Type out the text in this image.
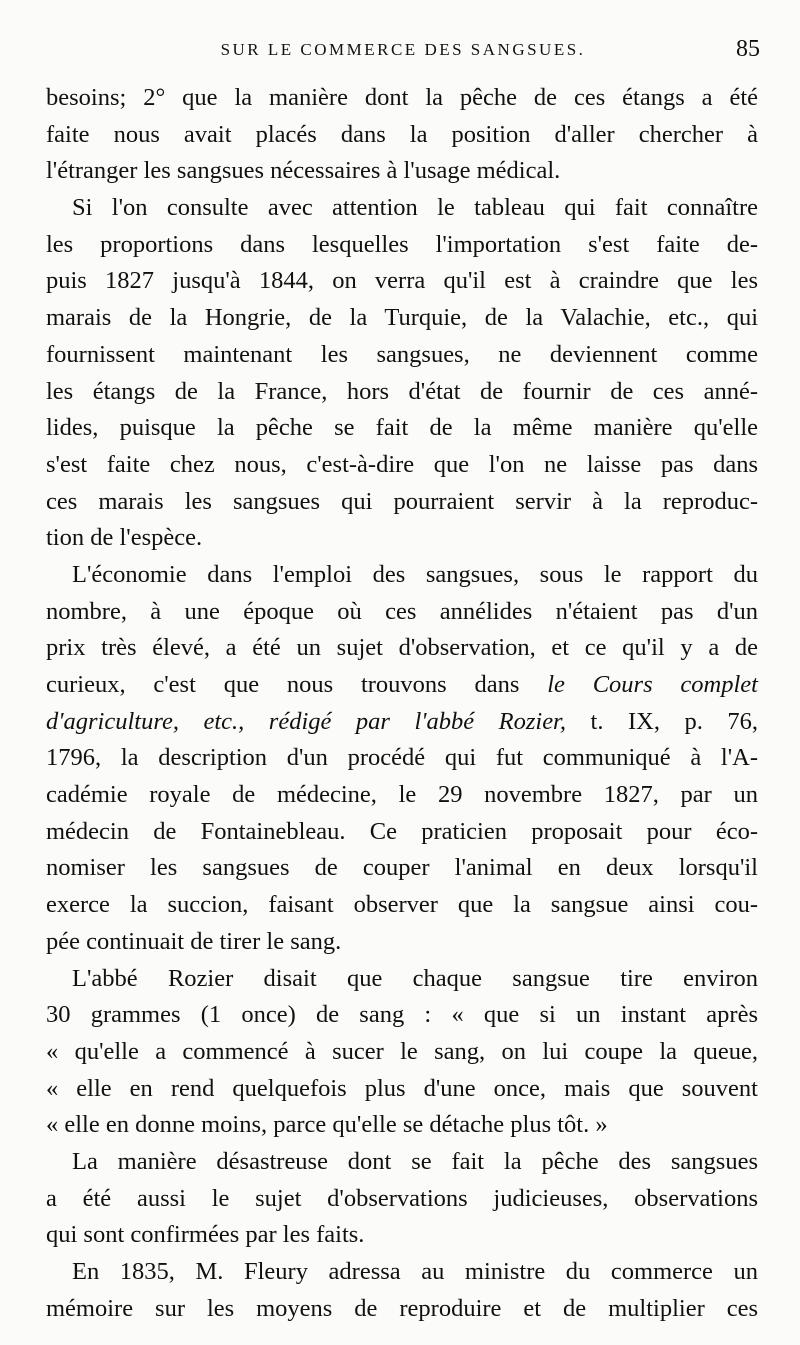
SUR LE COMMERCE DES SANGSUES.	85
besoins; 2° que la manière dont la pêche de ces étangs a été
faite nous avait placés dans la position d'aller chercher à
l'étranger les sangsues nécessaires à l'usage médical.
Si l'on consulte avec attention le tableau qui fait connaître
les proportions dans lesquelles l'importation s'est faite de-
puis 1827 jusqu'à 1844, on verra qu'il est à craindre que les
marais de la Hongrie, de la Turquie, de la Valachie, etc., qui
fournissent maintenant les sangsues, ne deviennent comme
les étangs de la France, hors d'état de fournir de ces anné-
lides, puisque la pêche se fait de la même manière qu'elle
s'est faite chez nous, c'est-à-dire que l'on ne laisse pas dans
ces marais les sangsues qui pourraient servir à la reproduc-
tion de l'espèce.
L'économie dans l'emploi des sangsues, sous le rapport du
nombre, à une époque où ces annélides n'étaient pas d'un
prix très élevé, a été un sujet d'observation, et ce qu'il y a de
curieux, c'est que nous trouvons dans le Cours complet
d'agriculture, etc., rédigé par l'abbé Rozier, t. IX, p. 76,
1796, la description d'un procédé qui fut communiqué à l'A-
cadémie royale de médecine, le 29 novembre 1827, par un
médecin de Fontainebleau. Ce praticien proposait pour éco-
nomiser les sangsues de couper l'animal en deux lorsqu'il
exerce la succion, faisant observer que la sangsue ainsi cou-
pée continuait de tirer le sang.
L'abbé Rozier disait que chaque sangsue tire environ
30 grammes (1 once) de sang : « que si un instant après
« qu'elle a commencé à sucer le sang, on lui coupe la queue,
« elle en rend quelquefois plus d'une once, mais que souvent
« elle en donne moins, parce qu'elle se détache plus tôt. »
La manière désastreuse dont se fait la pêche des sangsues
a été aussi le sujet d'observations judicieuses, observations
qui sont confirmées par les faits.
En 1835, M. Fleury adressa au ministre du commerce un
mémoire sur les moyens de reproduire et de multiplier ces
